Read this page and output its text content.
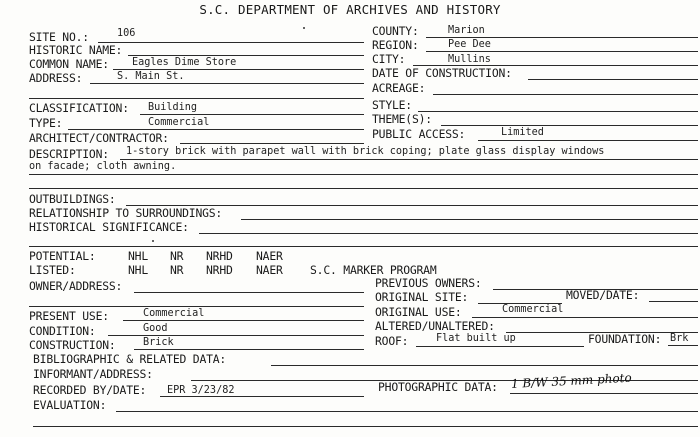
S.C. DEPARTMENT OF ARCHIVES AND HISTORY
SITE NO.:	106
HISTORIC NAME:
COMMON NAME: Eagles Dime Store
ADDRESS:	S. Main St.
COUNTY:	Marion
REGION:	Pee Dee
CITY:	Mullins
DATE OF CONSTRUCTION:
ACREAGE:
CLASSIFICATION: Building
TYPE:	Commercial
ARCHITECT/CONTRACTOR:
STYLE:
THEME(S):
PUBLIC ACCESS:	Limited
DESCRIPTION: 1-story brick with parapet wall with brick coping; plate glass display windows
on facade; cloth awning.
OUTBUILDINGS:
RELATIONSHIP TO SURROUNDINGS:
HISTORICAL SIGNIFICANCE:
POTENTIAL:	NHL NR NRHD NAER
LISTED:	NHL NR NRHD NAER S.C. MARKER PROGRAM
OWNER/ADDRESS:	PREVIOUS OWNERS:
ORIGINAL SITE:	MOVED/DATE:
PRESENT USE:	Commercial	ORIGINAL USE:	Commercial
CONDITION:	Good	ALTERED/UNALTERED:
CONSTRUCTION:	Brick	ROOF:	Flat built up	FOUNDATION: Brk
BIBLIOGRAPHIC & RELATED DATA:
INFORMANT/ADDRESS:
RECORDED BY/DATE: EPR 3/23/82	PHOTOGRAPHIC DATA: 1 B/W 35 mm photo
EVALUATION:
